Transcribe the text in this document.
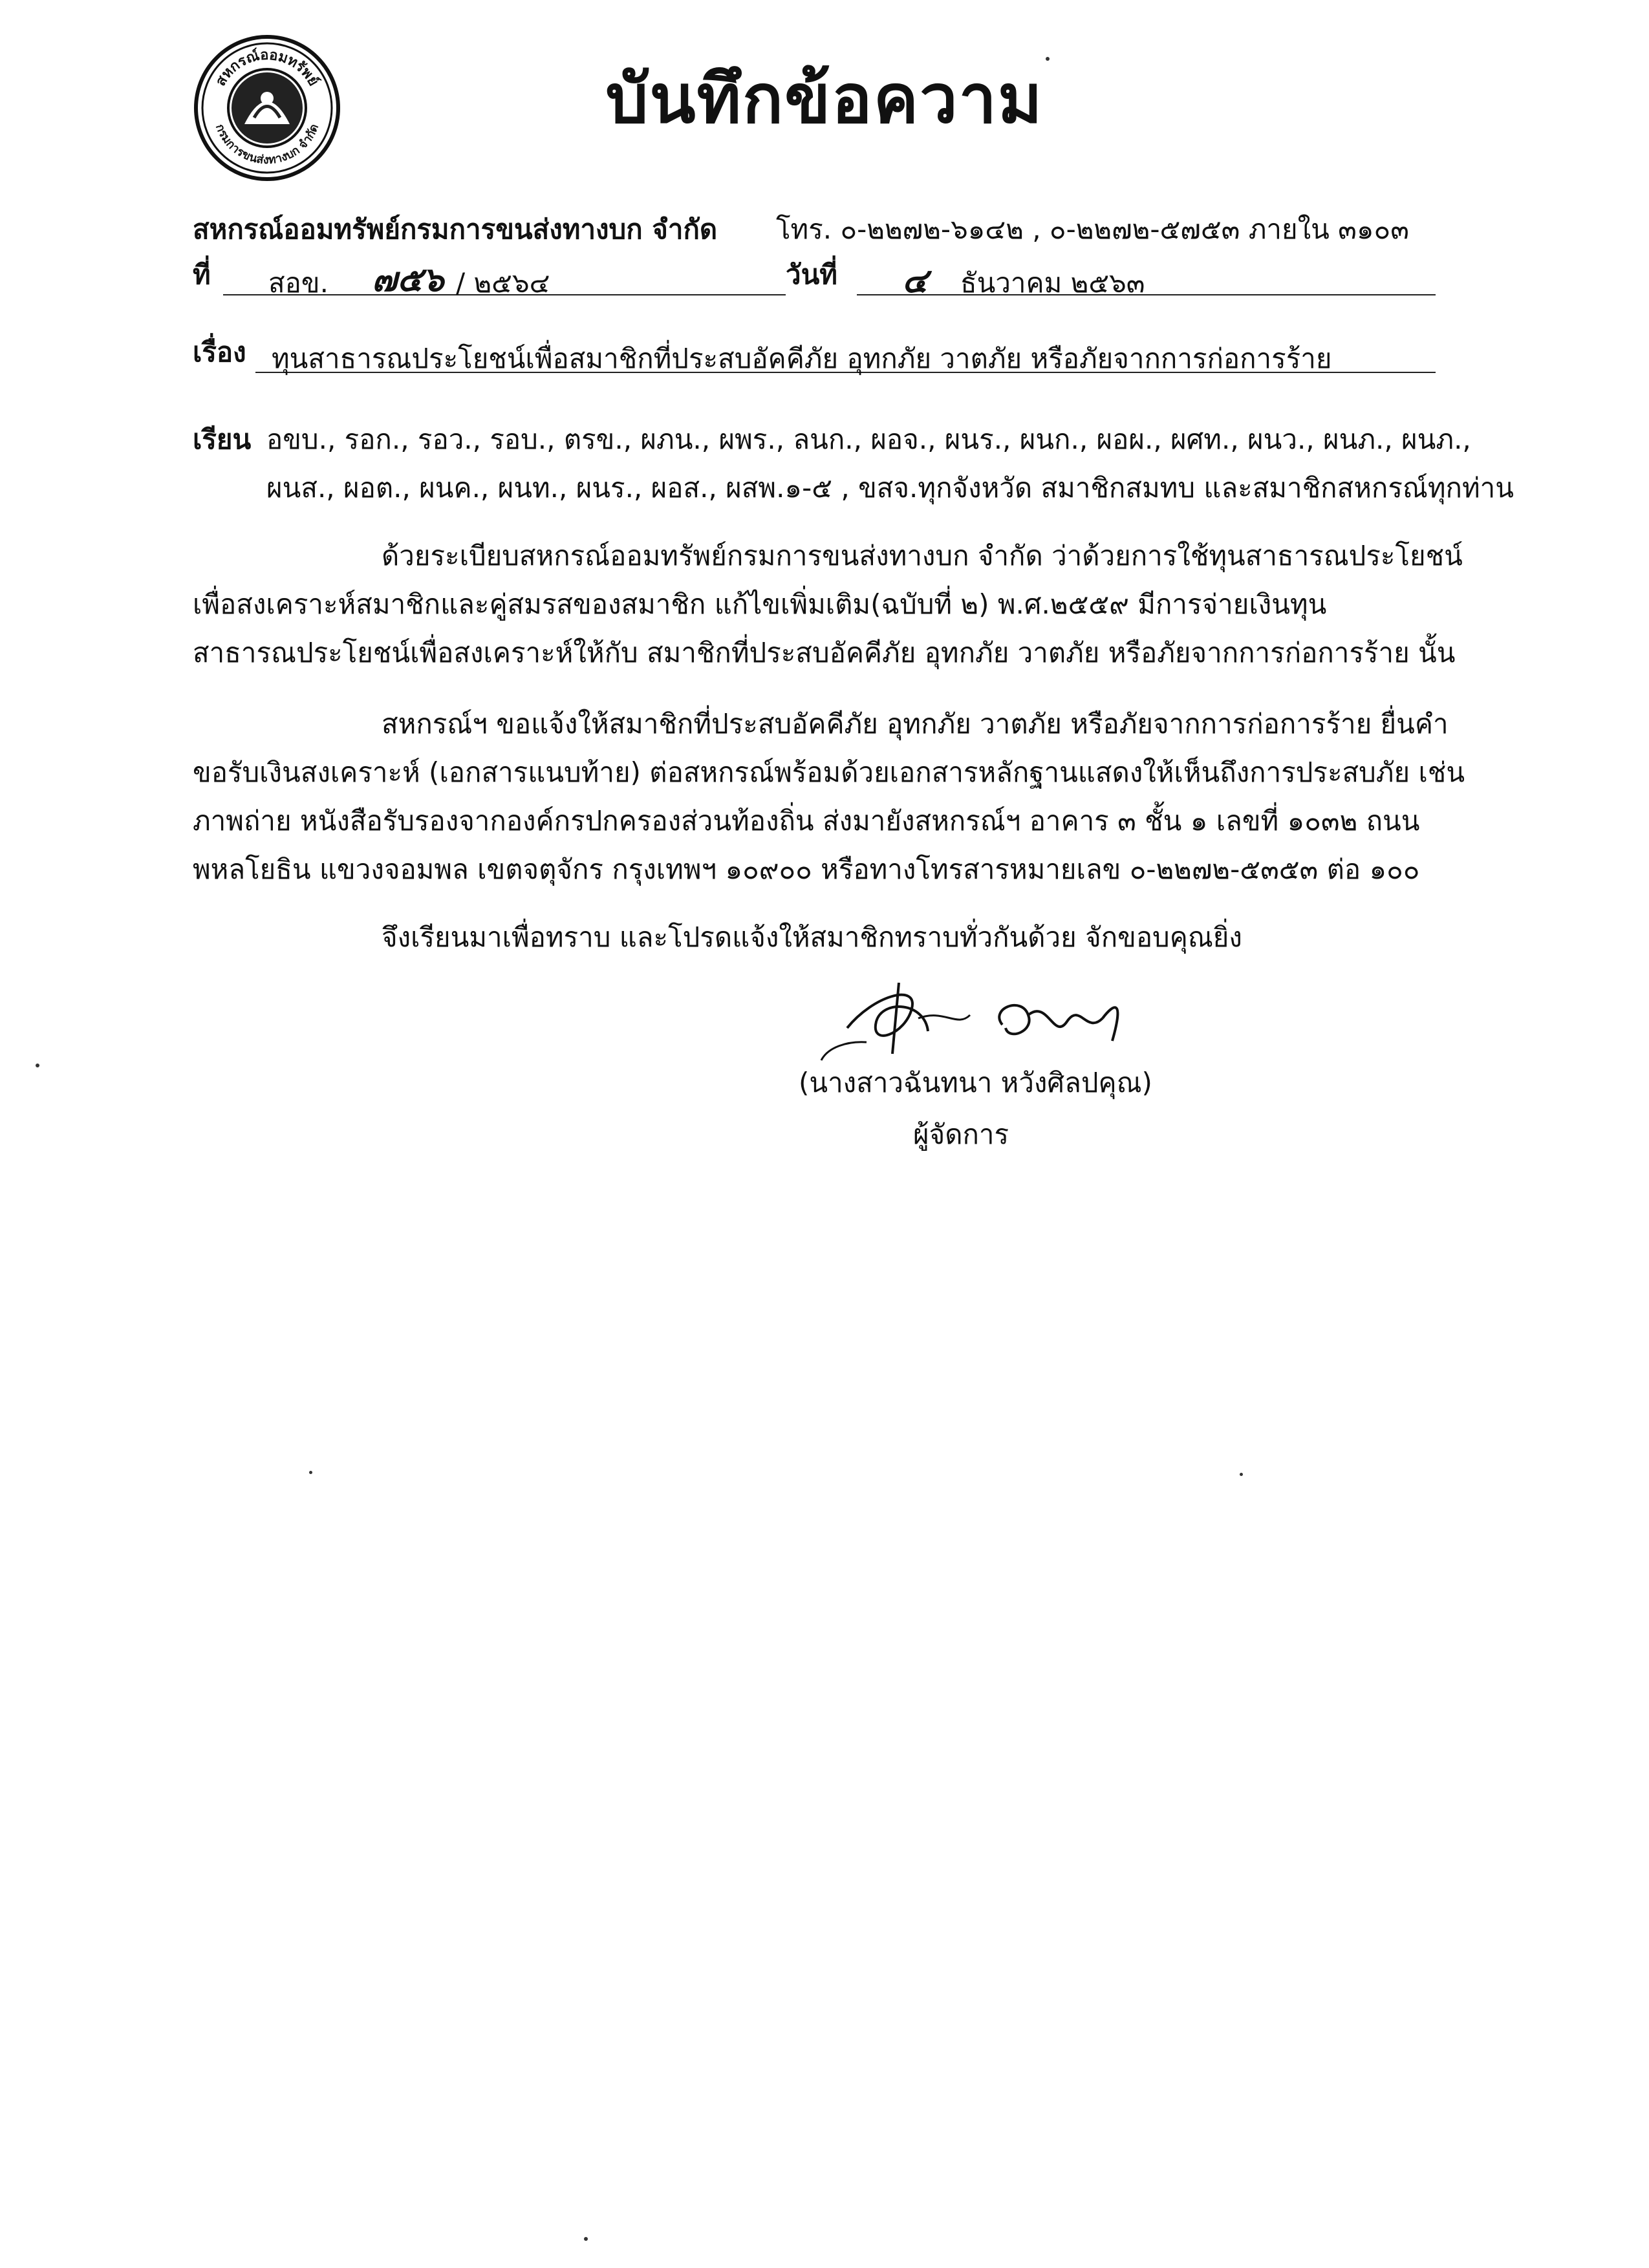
สหกรณ์ออมทรัพย์
กรมการขนส่งทางบก จำกัด	บันทึกข้อความ
สหกรณ์ออมทรัพย์กรมการขนส่งทางบก จำกัด โทร. ๐-๒๒๗๒-๖๑๔๒ , ๐-๒๒๗๒-๕๗๕๓ ภายใน ๓๑๐๓
ที่ สอข. ๗๕๖ / ๒๕๖๔	วันที่ ๔ ธันวาคม ๒๕๖๓
เรื่อง ทุนสาธารณประโยชน์เพื่อสมาชิกที่ประสบอัคคีภัย อุทกภัย วาตภัย หรือภัยจากการก่อการร้าย
เรียน อขบ., รอก., รอว., รอบ., ตรข., ผภน., ผพร., ลนก., ผอจ., ผนร., ผนก., ผอผ., ผศท., ผนว., ผนภ., ผนภ.,
ผนส., ผอต., ผนค., ผนท., ผนร., ผอส., ผสพ.๑-๕ , ขสจ.ทุกจังหวัด สมาชิกสมทบ และสมาชิกสหกรณ์ทุกท่าน
ด้วยระเบียบสหกรณ์ออมทรัพย์กรมการขนส่งทางบก จำกัด ว่าด้วยการใช้ทุนสาธารณประโยชน์
เพื่อสงเคราะห์สมาชิกและคู่สมรสของสมาชิก แก้ไขเพิ่มเติม(ฉบับที่ ๒) พ.ศ.๒๕๕๙ มีการจ่ายเงินทุน
สาธารณประโยชน์เพื่อสงเคราะห์ให้กับ สมาชิกที่ประสบอัคคีภัย อุทกภัย วาตภัย หรือภัยจากการก่อการร้าย นั้น
สหกรณ์ฯ ขอแจ้งให้สมาชิกที่ประสบอัคคีภัย อุทกภัย วาตภัย หรือภัยจากการก่อการร้าย ยื่นคำ
ขอรับเงินสงเคราะห์ (เอกสารแนบท้าย) ต่อสหกรณ์พร้อมด้วยเอกสารหลักฐานแสดงให้เห็นถึงการประสบภัย เช่น
ภาพถ่าย หนังสือรับรองจากองค์กรปกครองส่วนท้องถิ่น ส่งมายังสหกรณ์ฯ อาคาร ๓ ชั้น ๑ เลขที่ ๑๐๓๒ ถนน
พหลโยธิน แขวงจอมพล เขตจตุจักร กรุงเทพฯ ๑๐๙๐๐ หรือทางโทรสารหมายเลข ๐-๒๒๗๒-๕๓๕๓ ต่อ ๑๐๐
จึงเรียนมาเพื่อทราบ และโปรดแจ้งให้สมาชิกทราบทั่วกันด้วย จักขอบคุณยิ่ง
(นางสาวฉันทนา หวังศิลปคุณ)
ผู้จัดการ
